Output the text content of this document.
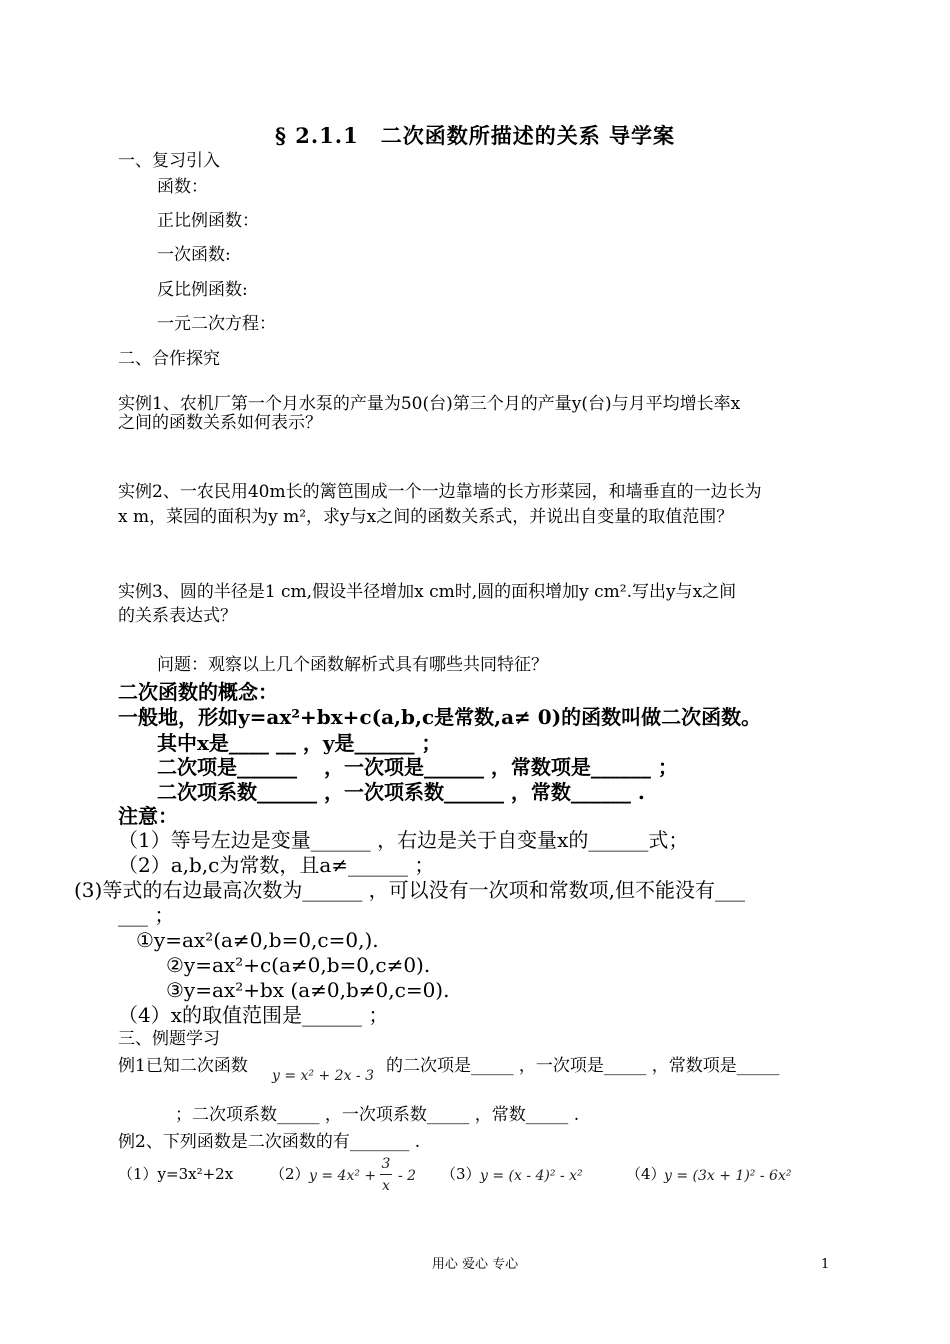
§ 2.1.1　二次函数所描述的关系 导学案
一、复习引入
函数：
正比例函数：
一次函数:
反比例函数:
一元二次方程：
二、合作探究
实例1、农机厂第一个月水泵的产量为50(台)第三个月的产量y(台)与月平均增长率x
之间的函数关系如何表示？
实例2、一农民用40m长的篱笆围成一个一边靠墙的长方形菜园，和墙垂直的一边长为
x m，菜园的面积为y m²，求y与x之间的函数关系式，并说出自变量的取值范围？
实例3、圆的半径是1 cm,假设半径增加x cm时,圆的面积增加y cm².写出y与x之间
的关系表达式？
问题：观察以上几个函数解析式具有哪些共同特征？
二次函数的概念：
一般地，形如y=ax²+bx+c(a,b,c是常数,a≠ 0)的函数叫做二次函数。
其中x是____ __ ，y是______ ；
二次项是______　 ，一次项是______ ，常数项是______ ；
二次项系数______ ，一次项系数______ ，常数______ .
注意：
（1）等号左边是变量______ ，右边是关于自变量x的______式；
（2）a,b,c为常数，且a≠______ ；
(3)等式的右边最高次数为______ ，可以没有一次项和常数项,但不能没有___
___ ；
①y=ax²(a≠0,b=0,c=0,).
②y=ax²+c(a≠0,b=0,c≠0).
③y=ax²+bx (a≠0,b≠0,c=0).
（4）x的取值范围是______ ；
三、例题学习
例1已知二次函数 y = x² + 2x - 3 的二次项是_____ ，一次项是_____ ，常数项是_____
；二次项系数_____ ，一次项系数_____ ，常数_____ .
例2、下列函数是二次函数的有_______ .
（1）y=3x²+2x （2） y = 4x² +
3
x
- 2 （3） y = (x - 4)² - x²	（4）
y = (3x + 1)² - 6x²
用心 爱心 专心	1
